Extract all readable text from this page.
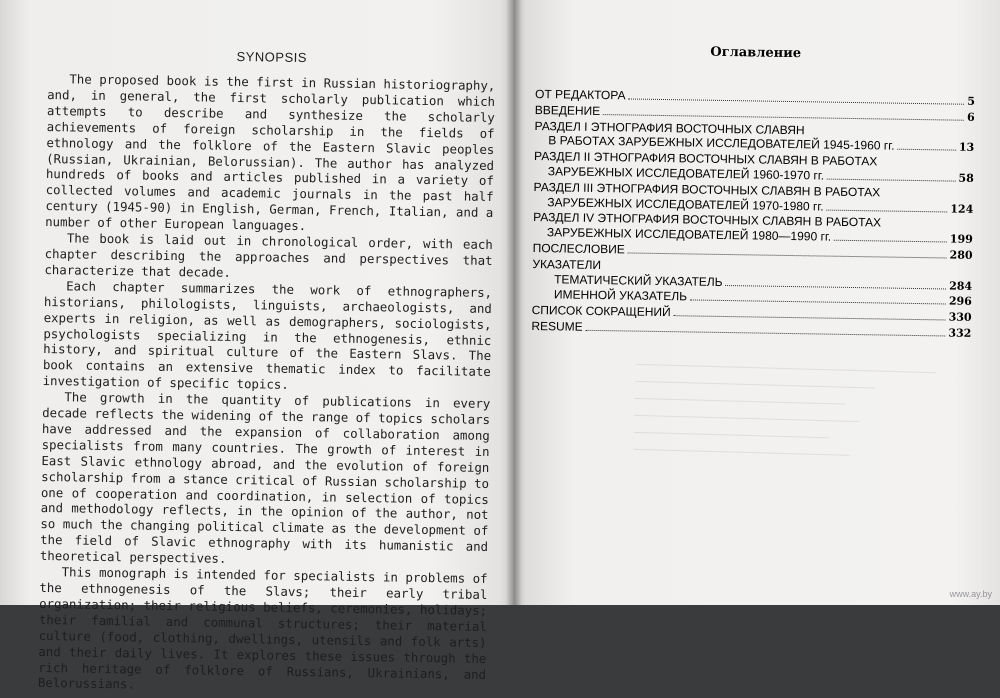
SYNOPSIS

The proposed book is the first in Russian historiography, and, in general, the first scholarly publication which attempts to describe and synthesize the scholarly achievements of foreign scholarship in the fields of ethnology and the folklore of the Eastern Slavic peoples (Russian, Ukrainian, Belorussian). The author has analyzed hundreds of books and articles published in a variety of collected volumes and academic journals in the past half century (1945-90) in English, German, French, Italian, and a number of other European languages.

The book is laid out in chronological order, with each chapter describing the approaches and perspectives that characterize that decade.

Each chapter summarizes the work of ethnographers, historians, philologists, linguists, archaeologists, and experts in religion, as well as demographers, sociologists, psychologists specializing in the ethnogenesis, ethnic history, and spiritual culture of the Eastern Slavs. The book contains an extensive thematic index to facilitate investigation of specific topics.

The growth in the quantity of publications in every decade reflects the widening of the range of topics scholars have addressed and the expansion of collaboration among specialists from many countries. The growth of interest in East Slavic ethnology abroad, and the evolution of foreign scholarship from a stance critical of Russian scholarship to one of cooperation and coordination, in selection of topics and methodology reflects, in the opinion of the author, not so much the changing political climate as the development of the field of Slavic ethnography with its humanistic and theoretical perspectives.

This monograph is intended for specialists in problems of the ethnogenesis of the Slavs; their early tribal organization; their religious beliefs, ceremonies, holidays; their familial and communal structures; their material culture (food, clothing, dwellings, utensils and folk arts) and their daily lives. It explores these issues through the rich heritage of folklore of Russians, Ukrainians, and Belorussians.

Оглавление
ОТ РЕДАКТОРА	5
ВВЕДЕНИЕ	6
РАЗДЕЛ I ЭТНОГРАФИЯ ВОСТОЧНЫХ СЛАВЯН
В РАБОТАХ ЗАРУБЕЖНЫХ ИССЛЕДОВАТЕЛЕЙ 1945-1960 гг.	13
РАЗДЕЛ II ЭТНОГРАФИЯ ВОСТОЧНЫХ СЛАВЯН В РАБОТАХ
ЗАРУБЕЖНЫХ ИССЛЕДОВАТЕЛЕЙ 1960-1970 гг.	58
РАЗДЕЛ III ЭТНОГРАФИЯ ВОСТОЧНЫХ СЛАВЯН В РАБОТАХ
ЗАРУБЕЖНЫХ ИССЛЕДОВАТЕЛЕЙ 1970-1980 гг.	124
РАЗДЕЛ IV ЭТНОГРАФИЯ ВОСТОЧНЫХ СЛАВЯН В РАБОТАХ
ЗАРУБЕЖНЫХ ИССЛЕДОВАТЕЛЕЙ 1980—1990 гг.	199
ПОСЛЕСЛОВИЕ	280
УКАЗАТЕЛИ
ТЕМАТИЧЕСКИЙ УКАЗАТЕЛЬ	284
ИМЕННОЙ УКАЗАТЕЛЬ	296
СПИСОК СОКРАЩЕНИЙ	330
RESUME	332
www.ay.by
